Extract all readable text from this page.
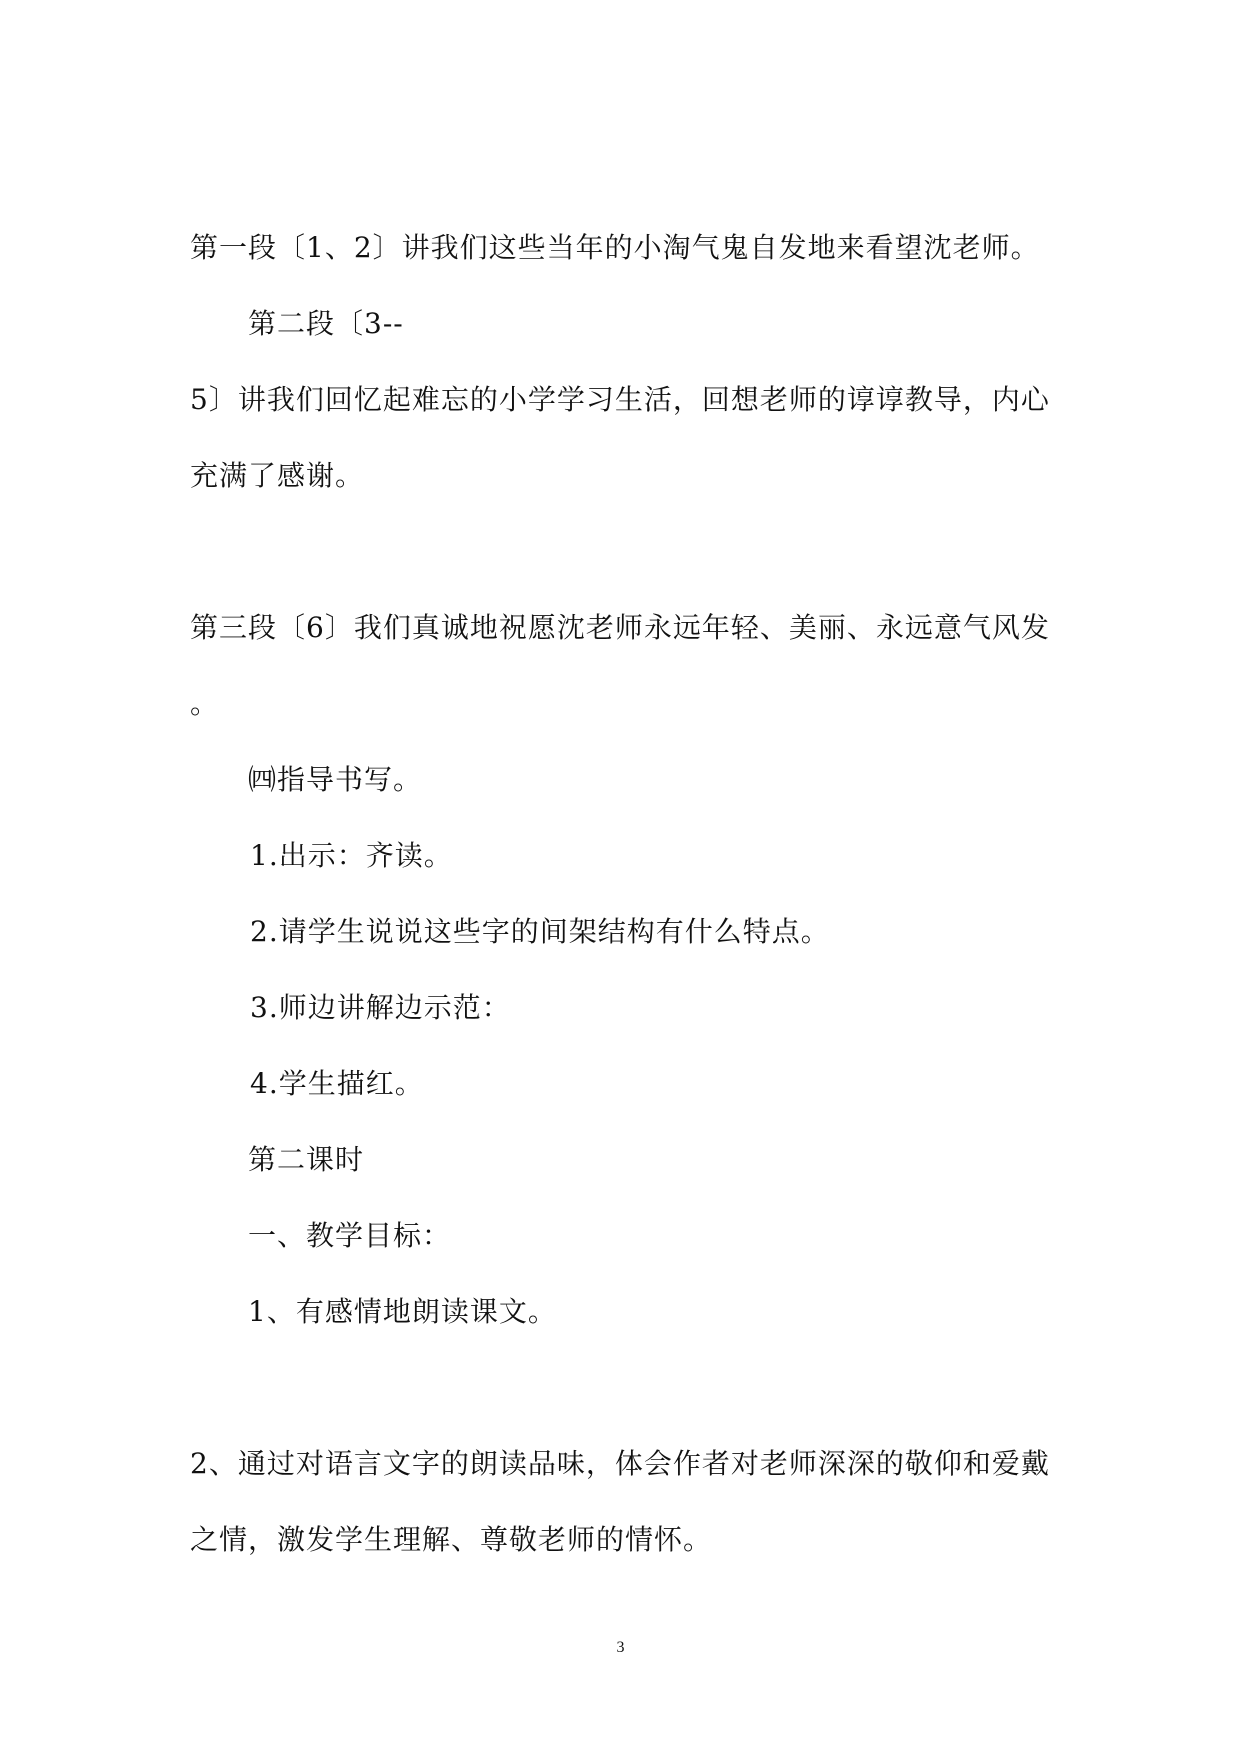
第一段〔1、2〕讲我们这些当年的小淘气鬼自发地来看望沈老师。
第二段〔3--
5〕讲我们回忆起难忘的小学学习生活，回想老师的谆谆教导，内心
充满了感谢。
第三段〔6〕我们真诚地祝愿沈老师永远年轻、美丽、永远意气风发
。
㈣指导书写。
1.出示：齐读。
2.请学生说说这些字的间架结构有什么特点。
3.师边讲解边示范：
4.学生描红。
第二课时
一、教学目标：
1、有感情地朗读课文。
2、通过对语言文字的朗读品味，体会作者对老师深深的敬仰和爱戴
之情，激发学生理解、尊敬老师的情怀。
3
